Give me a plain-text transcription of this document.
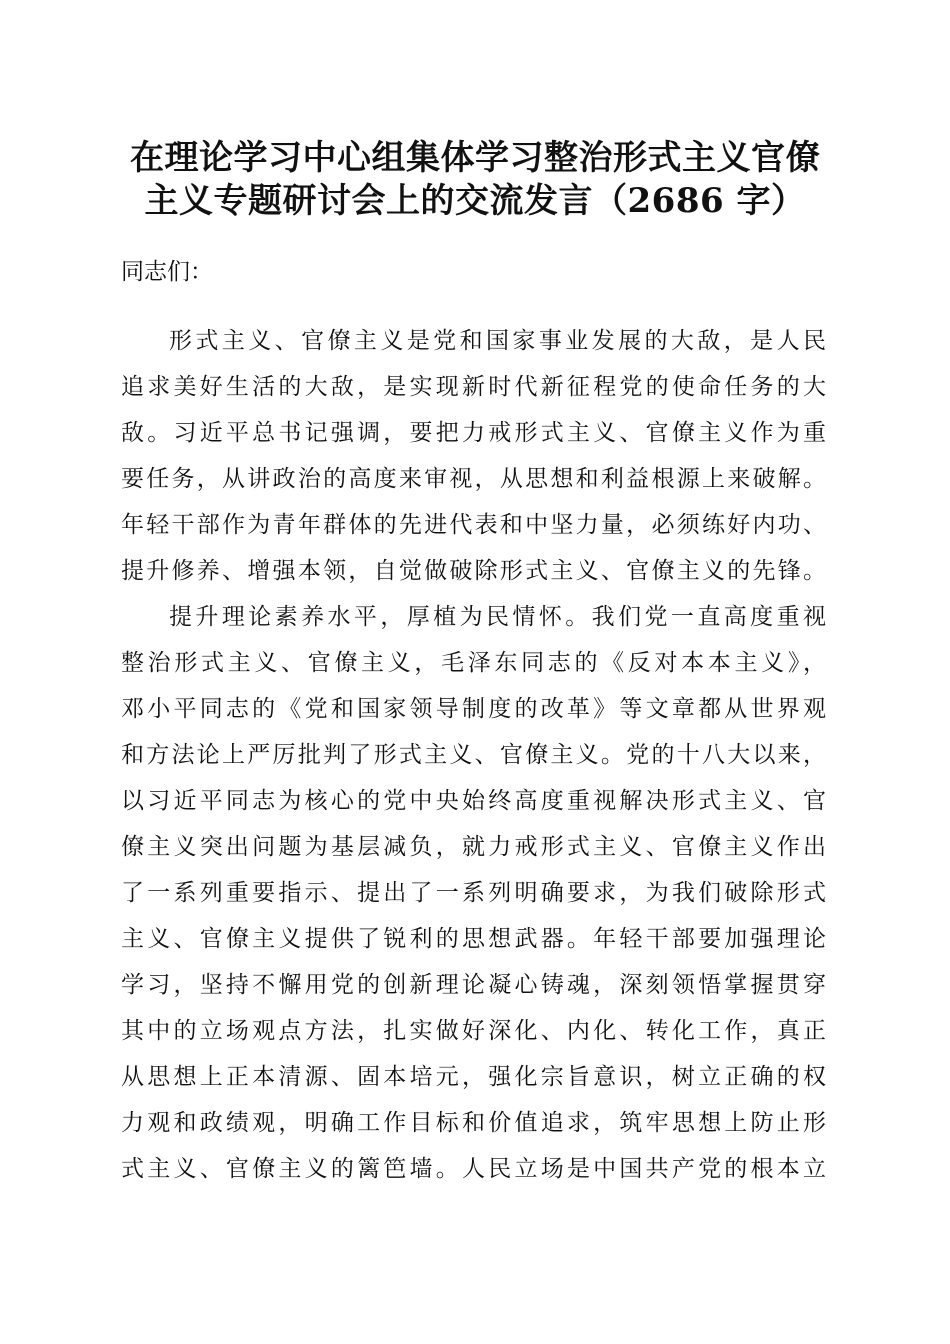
在理论学习中心组集体学习整治形式主义官僚
主义专题研讨会上的交流发言（2686 字）
同志们：
形式主义、官僚主义是党和国家事业发展的大敌，是人民
追求美好生活的大敌，是实现新时代新征程党的使命任务的大
敌。习近平总书记强调，要把力戒形式主义、官僚主义作为重
要任务，从讲政治的高度来审视，从思想和利益根源上来破解。
年轻干部作为青年群体的先进代表和中坚力量，必须练好内功、
提升修养、增强本领，自觉做破除形式主义、官僚主义的先锋。
提升理论素养水平，厚植为民情怀。我们党一直高度重视
整治形式主义、官僚主义，毛泽东同志的《反对本本主义》，
邓小平同志的《党和国家领导制度的改革》等文章都从世界观
和方法论上严厉批判了形式主义、官僚主义。党的十八大以来，
以习近平同志为核心的党中央始终高度重视解决形式主义、官
僚主义突出问题为基层减负，就力戒形式主义、官僚主义作出
了一系列重要指示、提出了一系列明确要求，为我们破除形式
主义、官僚主义提供了锐利的思想武器。年轻干部要加强理论
学习，坚持不懈用党的创新理论凝心铸魂，深刻领悟掌握贯穿
其中的立场观点方法，扎实做好深化、内化、转化工作，真正
从思想上正本清源、固本培元，强化宗旨意识，树立正确的权
力观和政绩观，明确工作目标和价值追求，筑牢思想上防止形
式主义、官僚主义的篱笆墙。人民立场是中国共产党的根本立
